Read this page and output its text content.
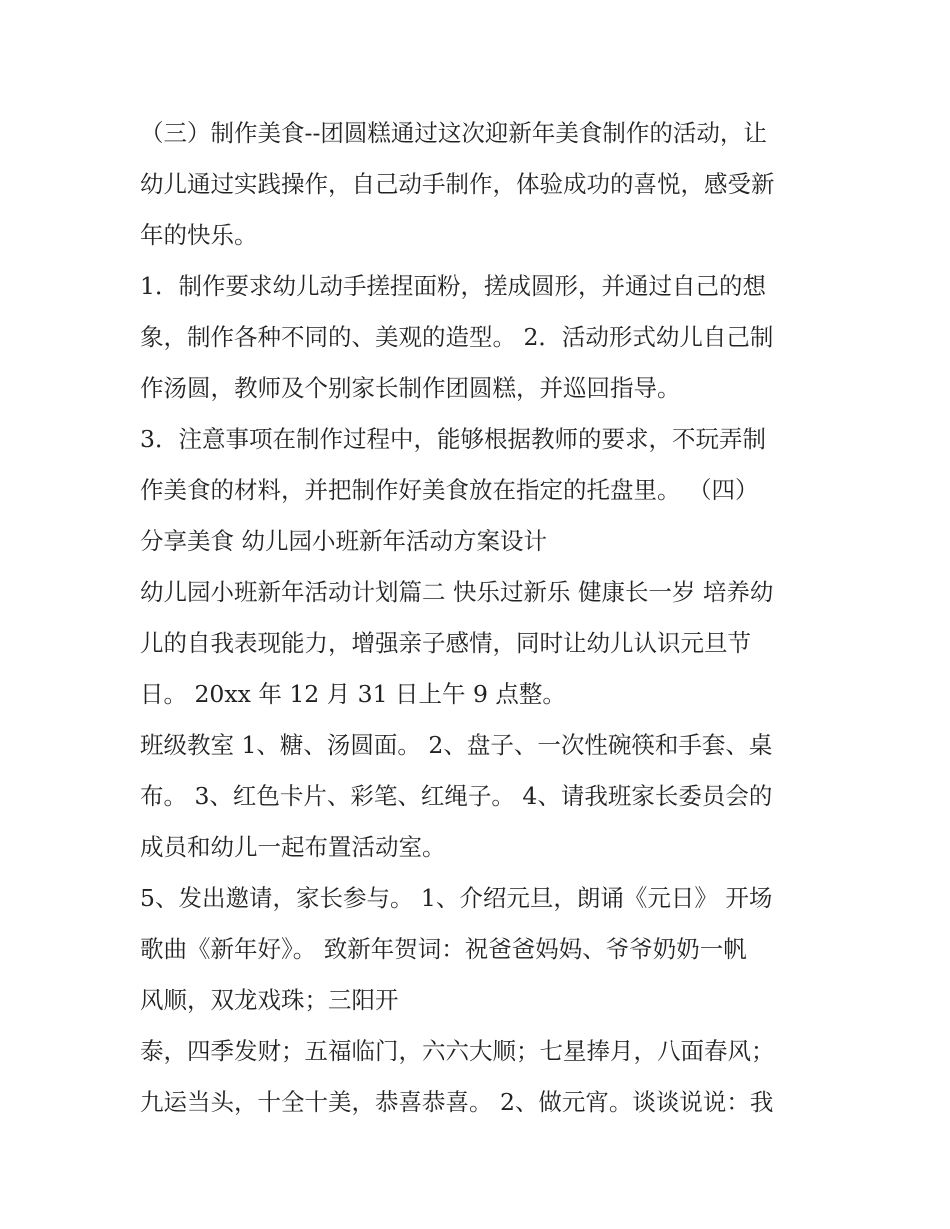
（三）制作美食--团圆糕通过这次迎新年美食制作的活动，让
幼儿通过实践操作，自己动手制作，体验成功的喜悦，感受新
年的快乐。
1．制作要求幼儿动手搓捏面粉，搓成圆形，并通过自己的想
象，制作各种不同的、美观的造型。 2．活动形式幼儿自己制
作汤圆，教师及个别家长制作团圆糕，并巡回指导。
3．注意事项在制作过程中，能够根据教师的要求，不玩弄制
作美食的材料，并把制作好美食放在指定的托盘里。 （四）
分享美食 幼儿园小班新年活动方案设计
幼儿园小班新年活动计划篇二 快乐过新乐 健康长一岁 培养幼
儿的自我表现能力，增强亲子感情，同时让幼儿认识元旦节
日。 20xx 年 12 月 31 日上午 9 点整。
班级教室 1、糖、汤圆面。 2、盘子、一次性碗筷和手套、桌
布。 3、红色卡片、彩笔、红绳子。 4、请我班家长委员会的
成员和幼儿一起布置活动室。
5、发出邀请，家长参与。 1、介绍元旦，朗诵《元日》 开场
歌曲《新年好》。 致新年贺词：祝爸爸妈妈、爷爷奶奶一帆
风顺，双龙戏珠；三阳开
泰，四季发财；五福临门，六六大顺；七星捧月，八面春风；
九运当头，十全十美，恭喜恭喜。 2、做元宵。谈谈说说：我
